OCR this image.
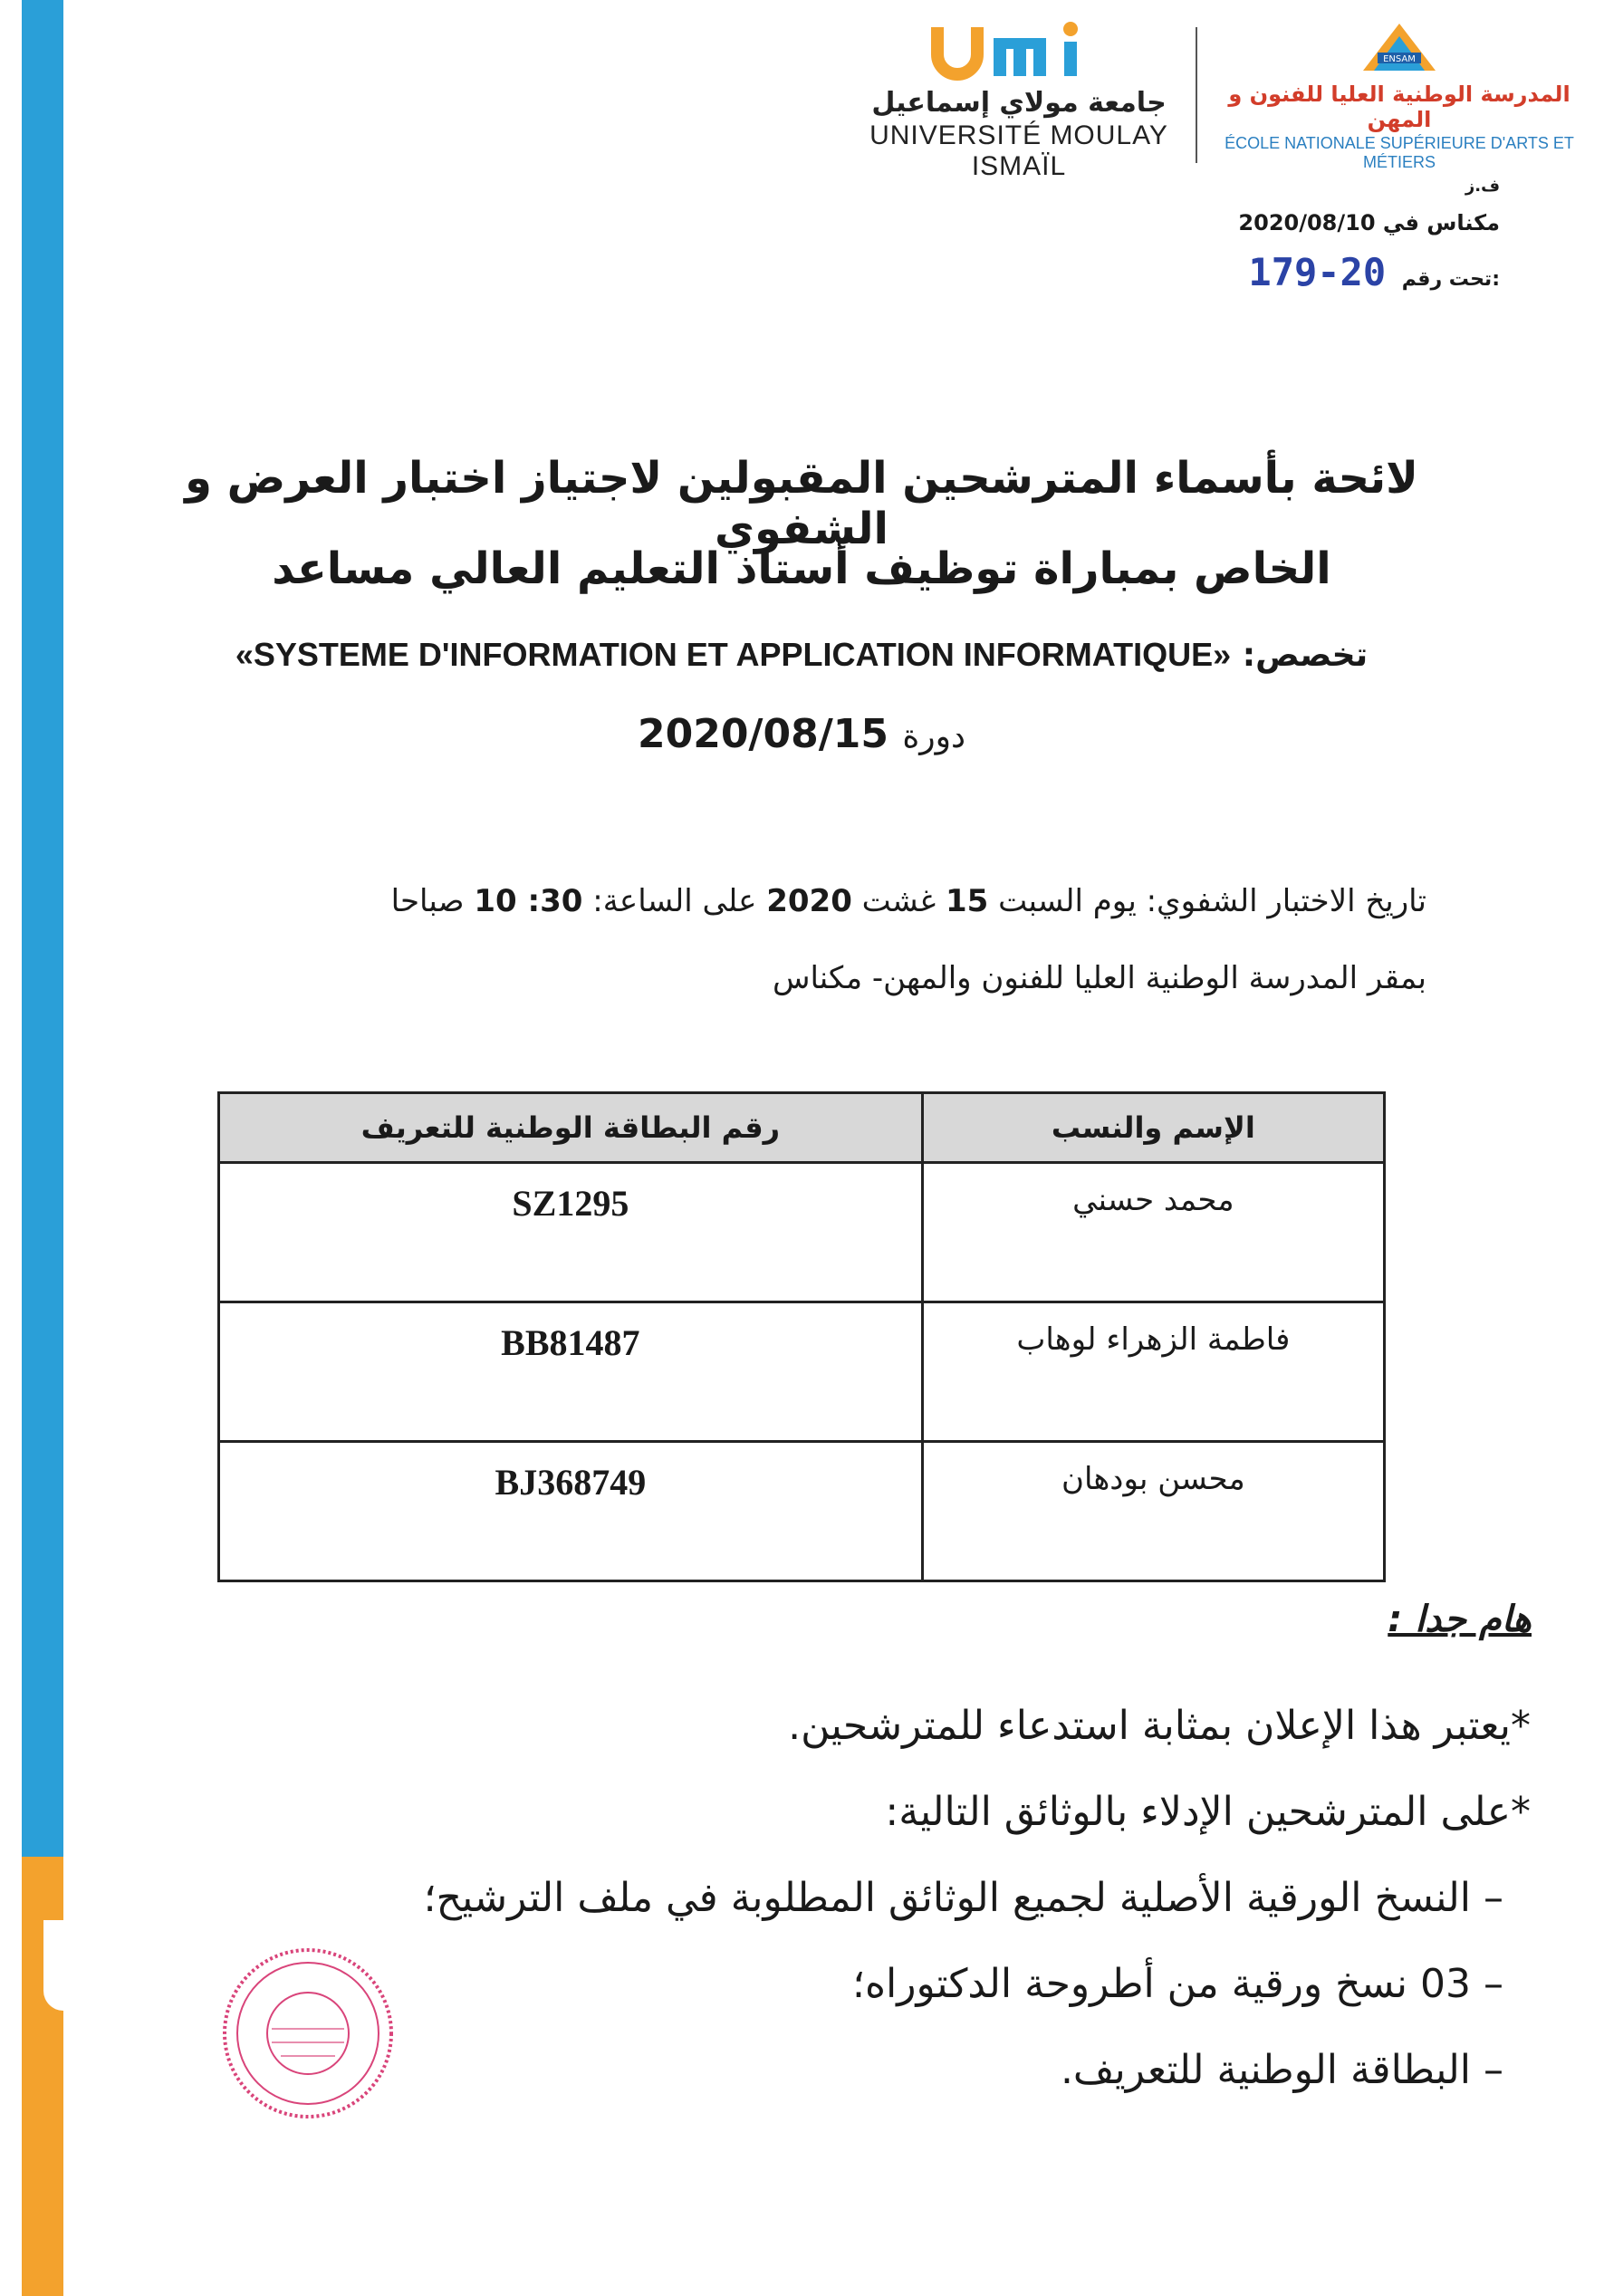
جامعة مولاي إسماعيل
UNIVERSITÉ MOULAY ISMAÏL
ENSAM
المدرسة الوطنية العليا للفنون و المهن
ÉCOLE NATIONALE SUPÉRIEURE D'ARTS ET MÉTIERS
ف.ز
2020/08/10 مكناس في
179-20 تحت رقم:
لائحة بأسماء المترشحين المقبولين لاجتياز اختبار العرض و الشفوي
الخاص بمباراة توظيف أستاذ التعليم العالي مساعد
تخصص: «SYSTEME D'INFORMATION ET APPLICATION INFORMATIQUE»
دورة 2020/08/15
تاريخ الاختبار الشفوي: يوم السبت 15 غشت 2020 على الساعة: 30: 10 صباحا
بمقر المدرسة الوطنية العليا للفنون والمهن- مكناس
الإسم والنسب	رقم البطاقة الوطنية للتعريف
محمد حسني	SZ1295
فاطمة الزهراء لوهاب	BB81487
محسن بودهان	BJ368749
هام جدا :
*يعتبر هذا الإعلان بمثابة استدعاء للمترشحين.
*على المترشحين الإدلاء بالوثائق التالية:
– النسخ الورقية الأصلية لجميع الوثائق المطلوبة في ملف الترشيح؛
– 03 نسخ ورقية من أطروحة الدكتوراه؛
– البطاقة الوطنية للتعريف.
